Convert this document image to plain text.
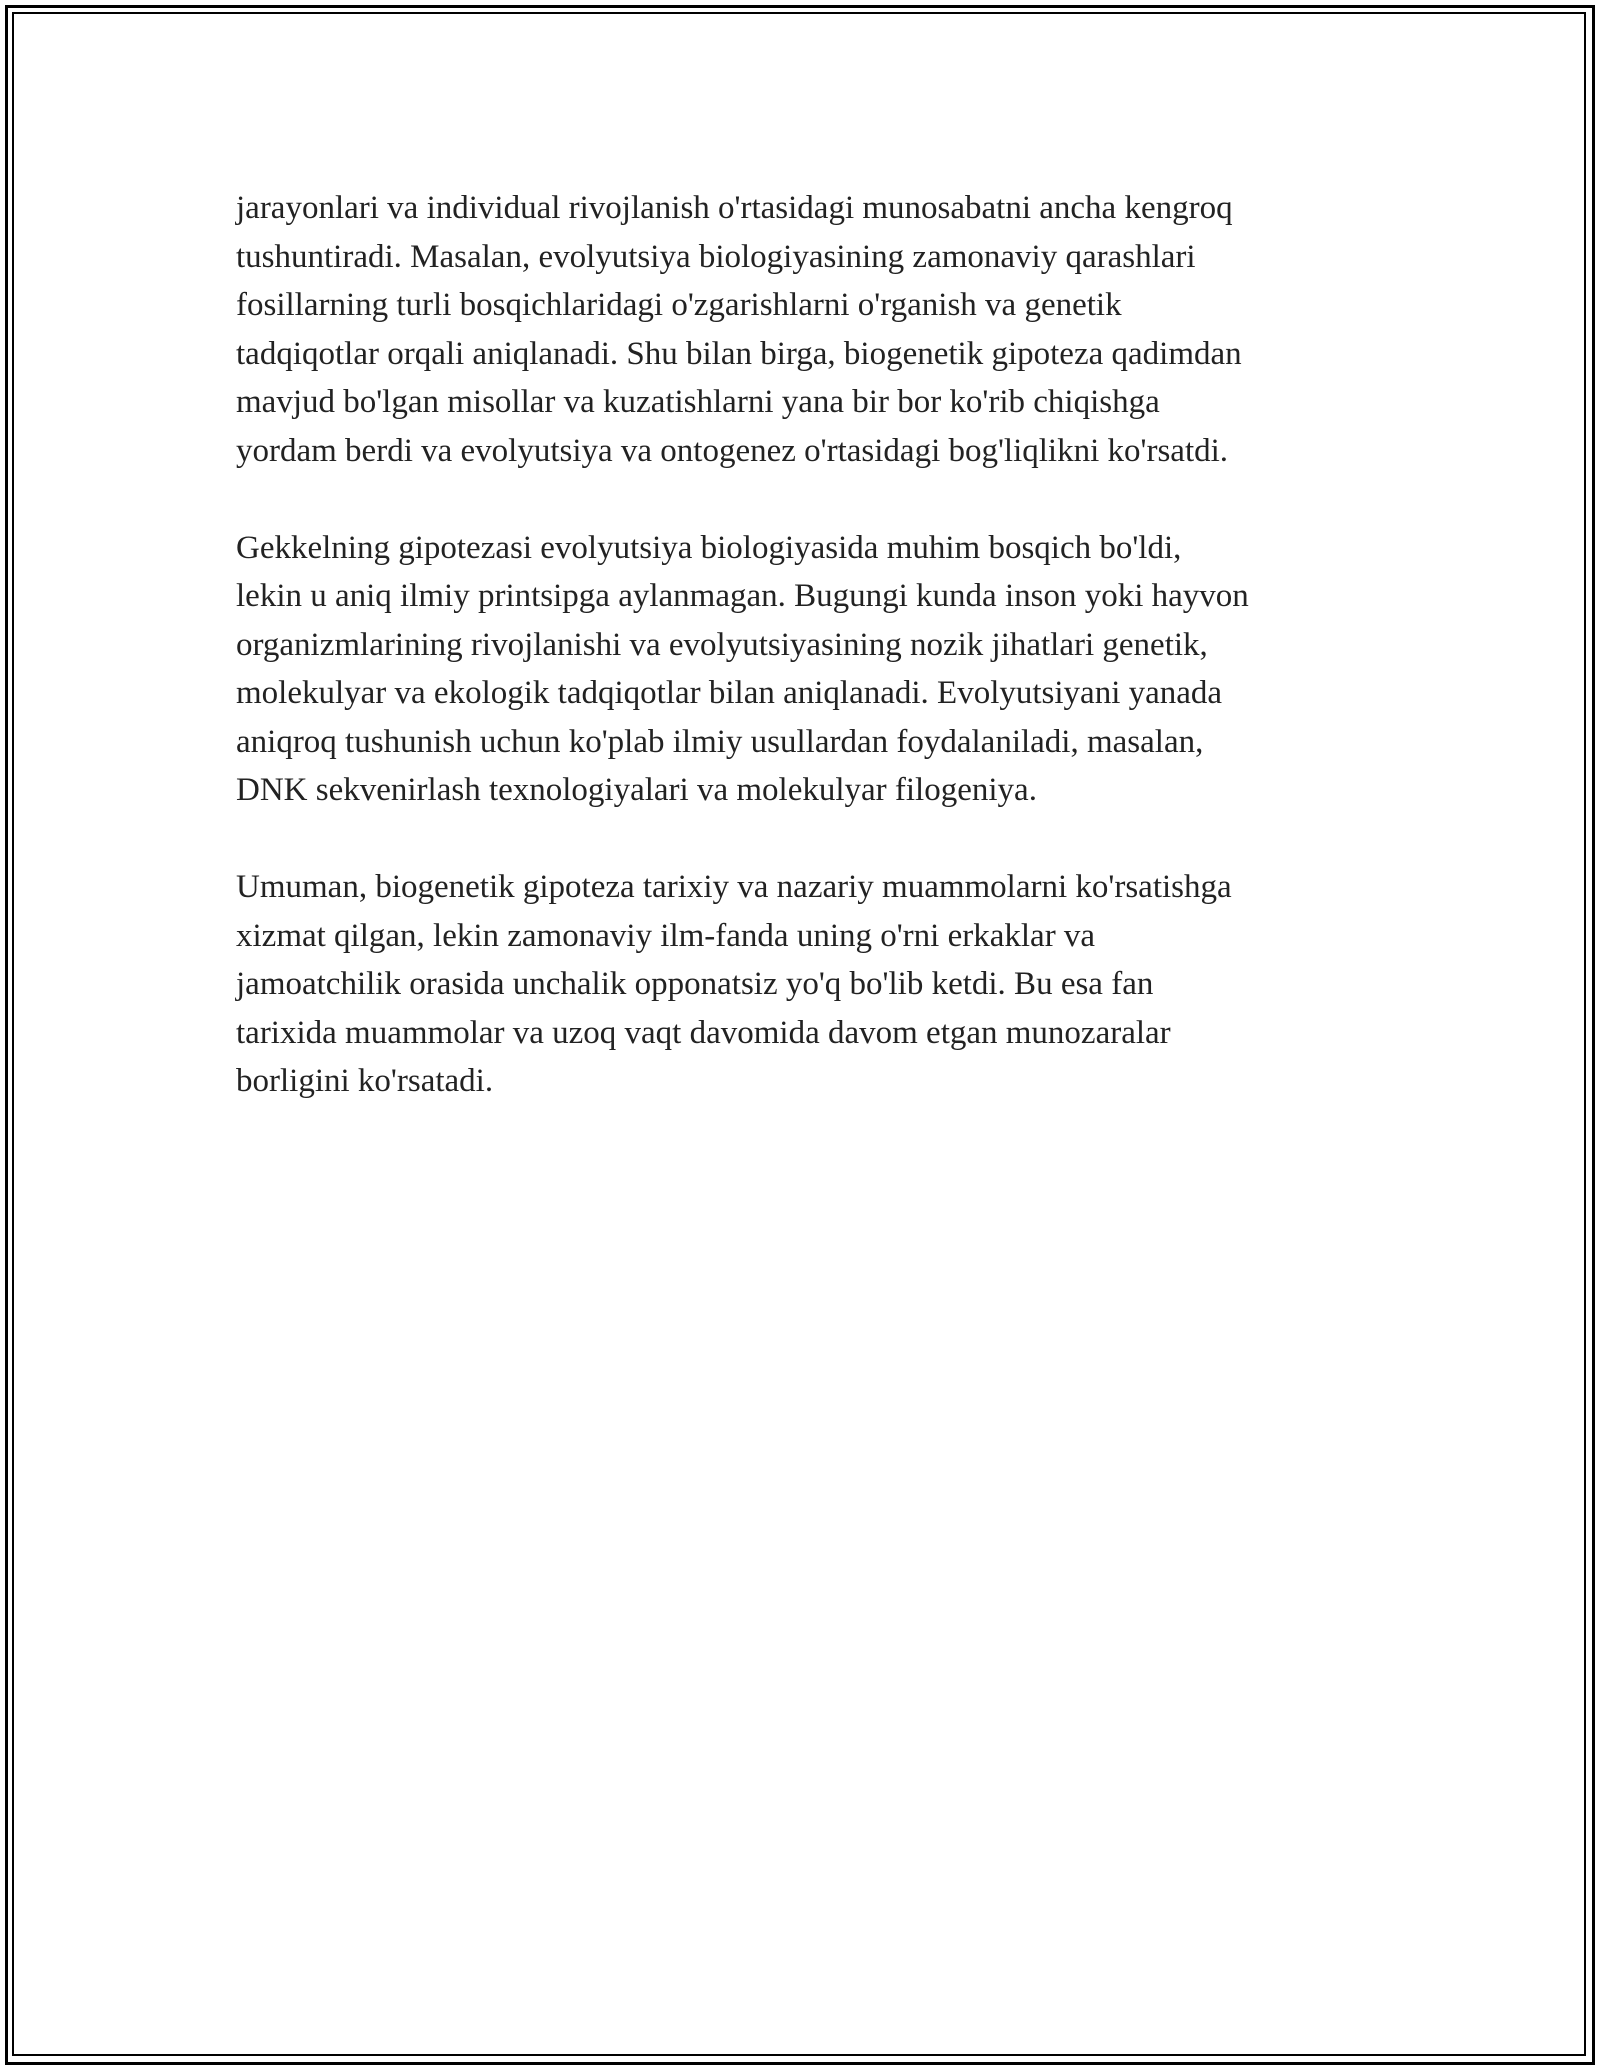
jarayonlari va individual rivojlanish o'rtasidagi munosabatni ancha kengroq
tushuntiradi. Masalan, evolyutsiya biologiyasining zamonaviy qarashlari
fosillarning turli bosqichlaridagi o'zgarishlarni o'rganish va genetik
tadqiqotlar orqali aniqlanadi. Shu bilan birga, biogenetik gipoteza qadimdan
mavjud bo'lgan misollar va kuzatishlarni yana bir bor ko'rib chiqishga
yordam berdi va evolyutsiya va ontogenez o'rtasidagi bog'liqlikni ko'rsatdi.

Gekkelning gipotezasi evolyutsiya biologiyasida muhim bosqich bo'ldi,
lekin u aniq ilmiy printsipga aylanmagan. Bugungi kunda inson yoki hayvon
organizmlarining rivojlanishi va evolyutsiyasining nozik jihatlari genetik,
molekulyar va ekologik tadqiqotlar bilan aniqlanadi. Evolyutsiyani yanada
aniqroq tushunish uchun ko'plab ilmiy usullardan foydalaniladi, masalan,
DNK sekvenirlash texnologiyalari va molekulyar filogeniya.

Umuman, biogenetik gipoteza tarixiy va nazariy muammolarni ko'rsatishga
xizmat qilgan, lekin zamonaviy ilm-fanda uning o'rni erkaklar va
jamoatchilik orasida unchalik opponatsiz yo'q bo'lib ketdi. Bu esa fan
tarixida muammolar va uzoq vaqt davomida davom etgan munozaralar
borligini ko'rsatadi.
